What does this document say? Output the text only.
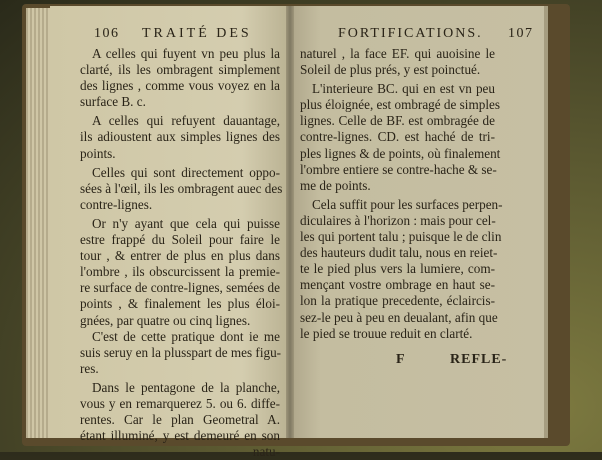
106 TRAITÉ DES
A celles qui fuyent vn peu plus la
clarté, ils les ombragent simplement
des lignes , comme vous voyez en la
surface B. c.
A celles qui refuyent dauantage,
ils adioustent aux simples lignes des
points.
Celles qui sont directement oppo-
sées à l'œil, ils les ombragent auec des
contre-lignes.
Or n'y ayant que cela qui puisse
estre frappé du Soleil pour faire le
tour , & entrer de plus en plus dans
l'ombre , ils obscurcissent la premie-
re surface de contre-lignes, semées de
points , & finalement les plus éloi-
gnées, par quatre ou cinq lignes.
C'est de cette pratique dont ie me
suis seruy en la plusspart de mes figu-
res.
Dans le pentagone de la planche,
vous y en remarquerez 5. ou 6. diffe-
rentes. Car le plan Geometral A.
étant illuminé, y est demeuré en son
natu-
FORTIFICATIONS. 107
naturel , la face EF. qui auoisine le
Soleil de plus prés, y est poinctué.
L'interieure BC. qui en est vn peu
plus éloignée, est ombragé de simples
lignes. Celle de BF. est ombragée de
contre-lignes. CD. est haché de tri-
ples lignes & de points, où finalement
l'ombre entiere se contre-hache & se-
me de points.
Cela suffit pour les surfaces perpen-
diculaires à l'horizon : mais pour cel-
les qui portent talu ; puisque le de clin
des hauteurs dudit talu, nous en reiet-
te le pied plus vers la lumiere, com-
mençant vostre ombrage en haut se-
lon la pratique precedente, éclaircis-
sez-le peu à peu en deualant, afin que
le pied se trouue reduit en clarté.
F	REFLE-
